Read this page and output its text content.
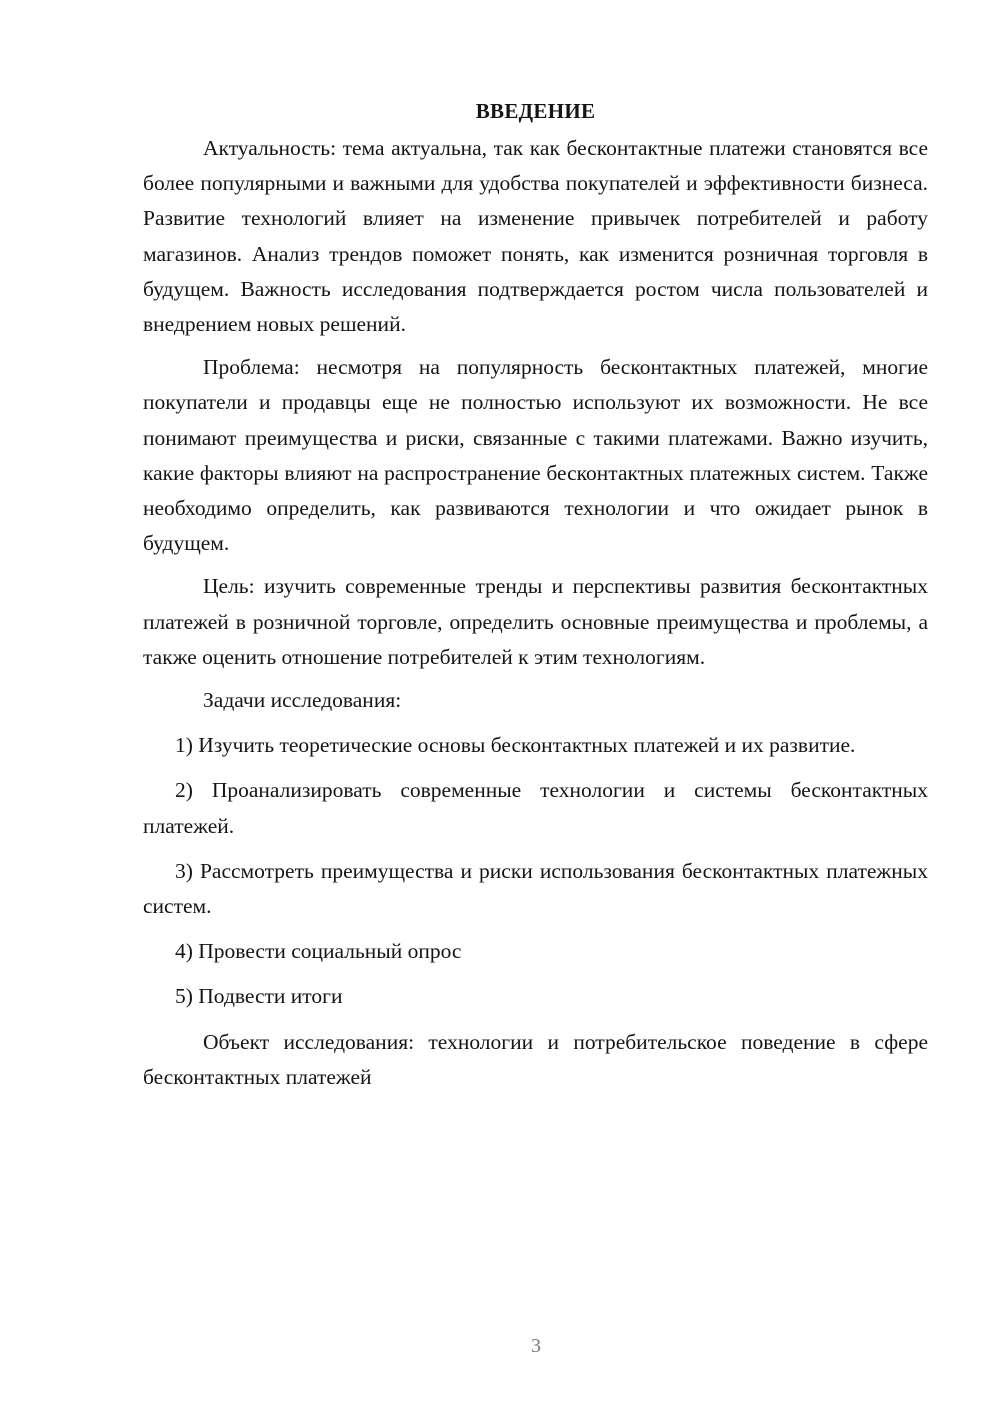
ВВЕДЕНИЕ

Актуальность: тема актуальна, так как бесконтактные платежи становятся все более популярными и важными для удобства покупателей и эффективности бизнеса. Развитие технологий влияет на изменение привычек потребителей и работу магазинов. Анализ трендов поможет понять, как изменится розничная торговля в будущем. Важность исследования подтверждается ростом числа пользователей и внедрением новых решений.

Проблема: несмотря на популярность бесконтактных платежей, многие покупатели и продавцы еще не полностью используют их возможности. Не все понимают преимущества и риски, связанные с такими платежами. Важно изучить, какие факторы влияют на распространение бесконтактных платежных систем. Также необходимо определить, как развиваются технологии и что ожидает рынок в будущем.

Цель: изучить современные тренды и перспективы развития бесконтактных платежей в розничной торговле, определить основные преимущества и проблемы, а также оценить отношение потребителей к этим технологиям.

Задачи исследования:

1) Изучить теоретические основы бесконтактных платежей и их развитие.

2) Проанализировать современные технологии и системы бесконтактных платежей.

3) Рассмотреть преимущества и риски использования бесконтактных платежных систем.

4) Провести социальный опрос

5) Подвести итоги

Объект исследования: технологии и потребительское поведение в сфере бесконтактных платежей

3
